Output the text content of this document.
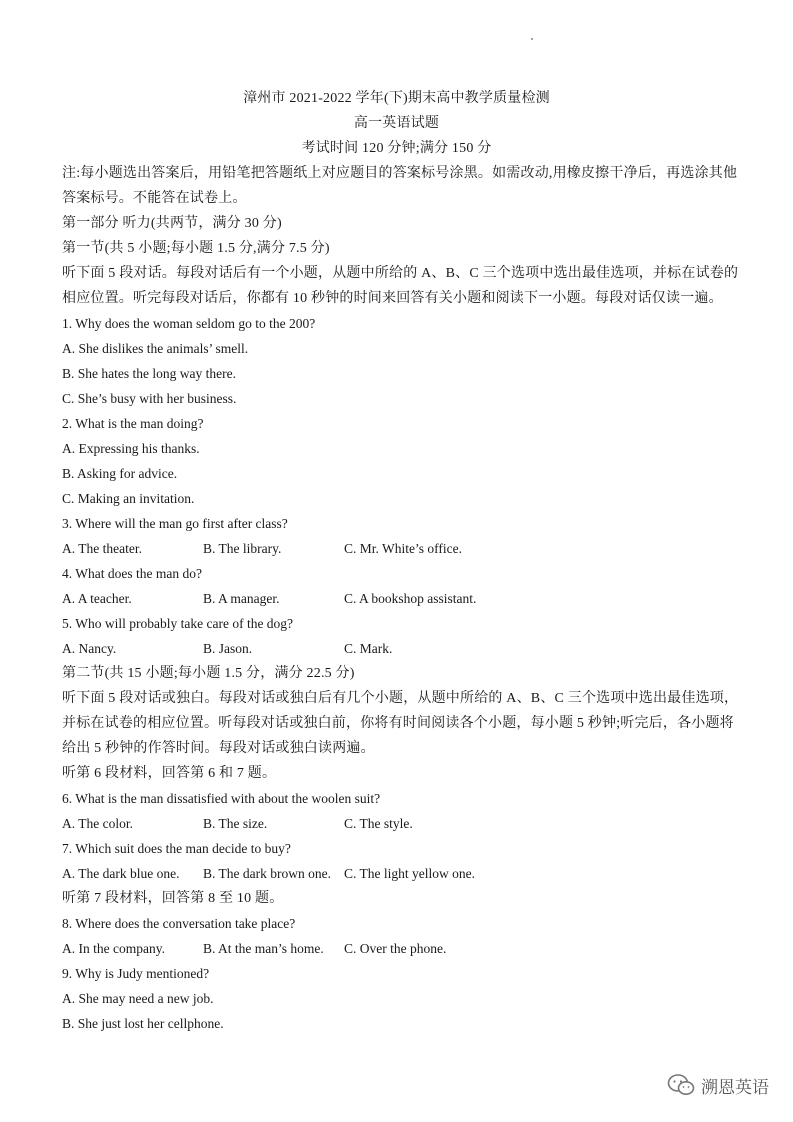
漳州市 2021-2022 学年(下)期末高中教学质量检测
高一英语试题
考试时间 120 分钟;满分 150 分
注:每小题选出答案后，用铅笔把答题纸上对应题目的答案标号涂黑。如需改动,用橡皮擦干净后，再选涂其他
答案标号。不能答在试卷上。
第一部分 听力(共两节，满分 30 分)
第一节(共 5 小题;每小题 1.5 分,满分 7.5 分)
听下面 5 段对话。每段对话后有一个小题，从题中所给的 A、B、C 三个选项中选出最佳选项，并标在试卷的
相应位置。听完每段对话后，你都有 10 秒钟的时间来回答有关小题和阅读下一小题。每段对话仅读一遍。
1. Why does the woman seldom go to the 200?
A. She dislikes the animals’ smell.
B. She hates the long way there.
C. She’s busy with her business.
2. What is the man doing?
A. Expressing his thanks.
B. Asking for advice.
C. Making an invitation.
3. Where will the man go first after class?
A. The theater.	B. The library.	C. Mr. White’s office.
4. What does the man do?
A. A teacher.	B. A manager.	C. A bookshop assistant.
5. Who will probably take care of the dog?
A. Nancy.	B. Jason.	C. Mark.
第二节(共 15 小题;每小题 1.5 分，满分 22.5 分)
听下面 5 段对话或独白。每段对话或独白后有几个小题，从题中所给的 A、B、C 三个选项中选出最佳选项，
并标在试卷的相应位置。听每段对话或独白前，你将有时间阅读各个小题，每小题 5 秒钟;听完后，各小题将
给出 5 秒钟的作答时间。每段对话或独白读两遍。
听第 6 段材料，回答第 6 和 7 题。
6. What is the man dissatisfied with about the woolen suit?
A. The color.	B. The size.	C. The style.
7. Which suit does the man decide to buy?
A. The dark blue one. B. The dark brown one. C. The light yellow one.
听第 7 段材料，回答第 8 至 10 题。
8. Where does the conversation take place?
A. In the company.	B. At the man’s home. C. Over the phone.
9. Why is Judy mentioned?
A. She may need a new job.
B. She just lost her cellphone.
溯恩英语
